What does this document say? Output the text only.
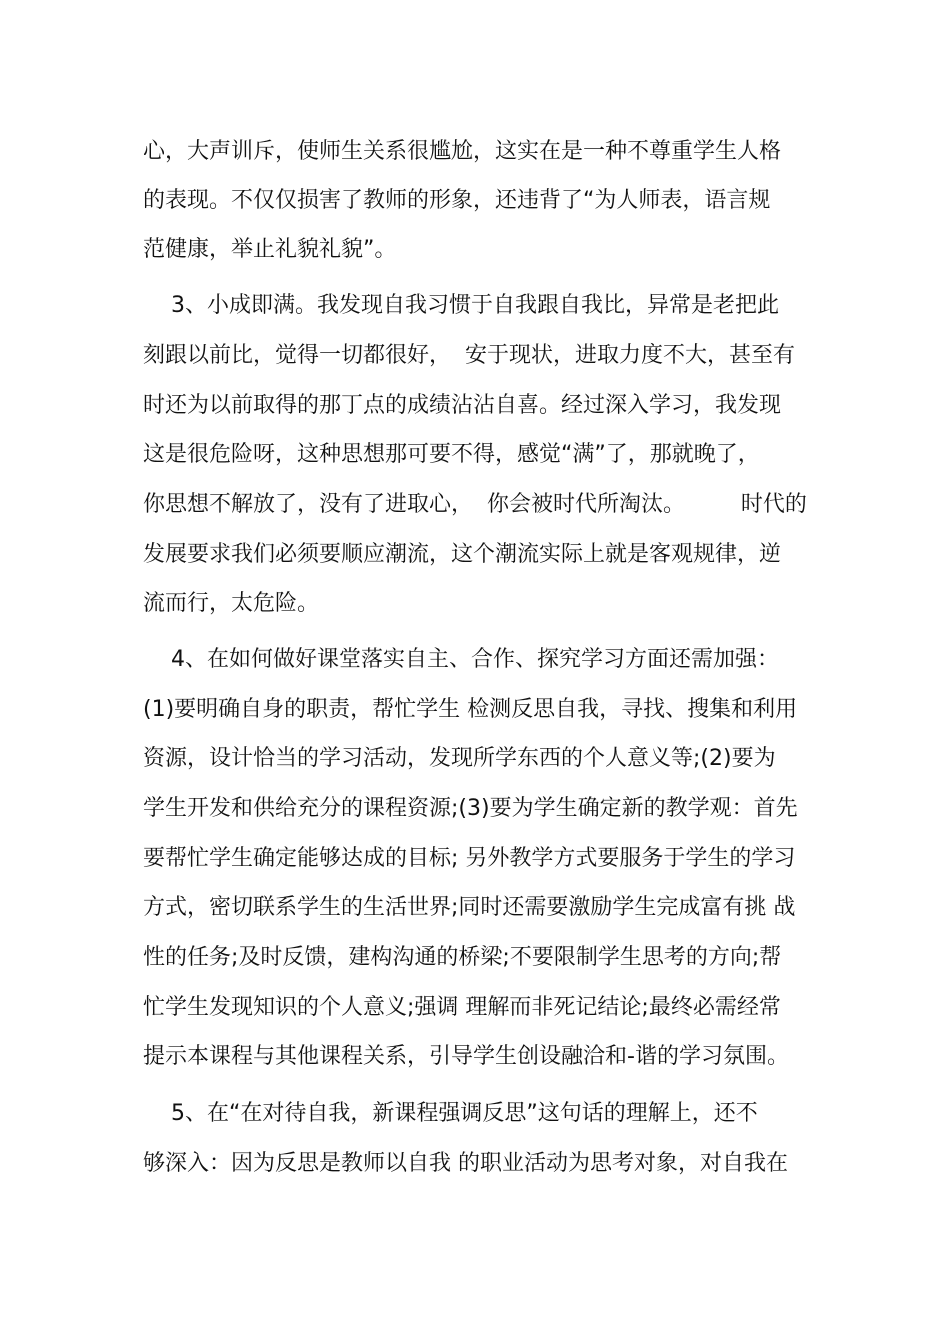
心，大声训斥，使师生关系很尴尬，这实在是一种不尊重学生人格
的表现。不仅仅损害了教师的形象，还违背了“为人师表，语言规
范健康，举止礼貌礼貌”。
3、小成即满。我发现自我习惯于自我跟自我比，异常是老把此
刻跟以前比，觉得一切都很好，  安于现状，进取力度不大，甚至有
时还为以前取得的那丁点的成绩沾沾自喜。经过深入学习，我发现
这是很危险呀，这种思想那可要不得，感觉“满”了，那就晚了，
你思想不解放了，没有了进取心，  你会被时代所淘汰。        时代的
发展要求我们必须要顺应潮流，这个潮流实际上就是客观规律，逆
流而行，太危险。
4、在如何做好课堂落实自主、合作、探究学习方面还需加强：
(1)要明确自身的职责，帮忙学生 检测反思自我，寻找、搜集和利用
资源，设计恰当的学习活动，发现所学东西的个人意义等;(2)要为
学生开发和供给充分的课程资源;(3)要为学生确定新的教学观：首先
要帮忙学生确定能够达成的目标; 另外教学方式要服务于学生的学习
方式，密切联系学生的生活世界;同时还需要激励学生完成富有挑 战
性的任务;及时反馈，建构沟通的桥梁;不要限制学生思考的方向;帮
忙学生发现知识的个人意义;强调 理解而非死记结论;最终必需经常
提示本课程与其他课程关系，引导学生创设融洽和-谐的学习氛围。
5、在“在对待自我，新课程强调反思”这句话的理解上，还不
够深入：因为反思是教师以自我 的职业活动为思考对象，对自我在
